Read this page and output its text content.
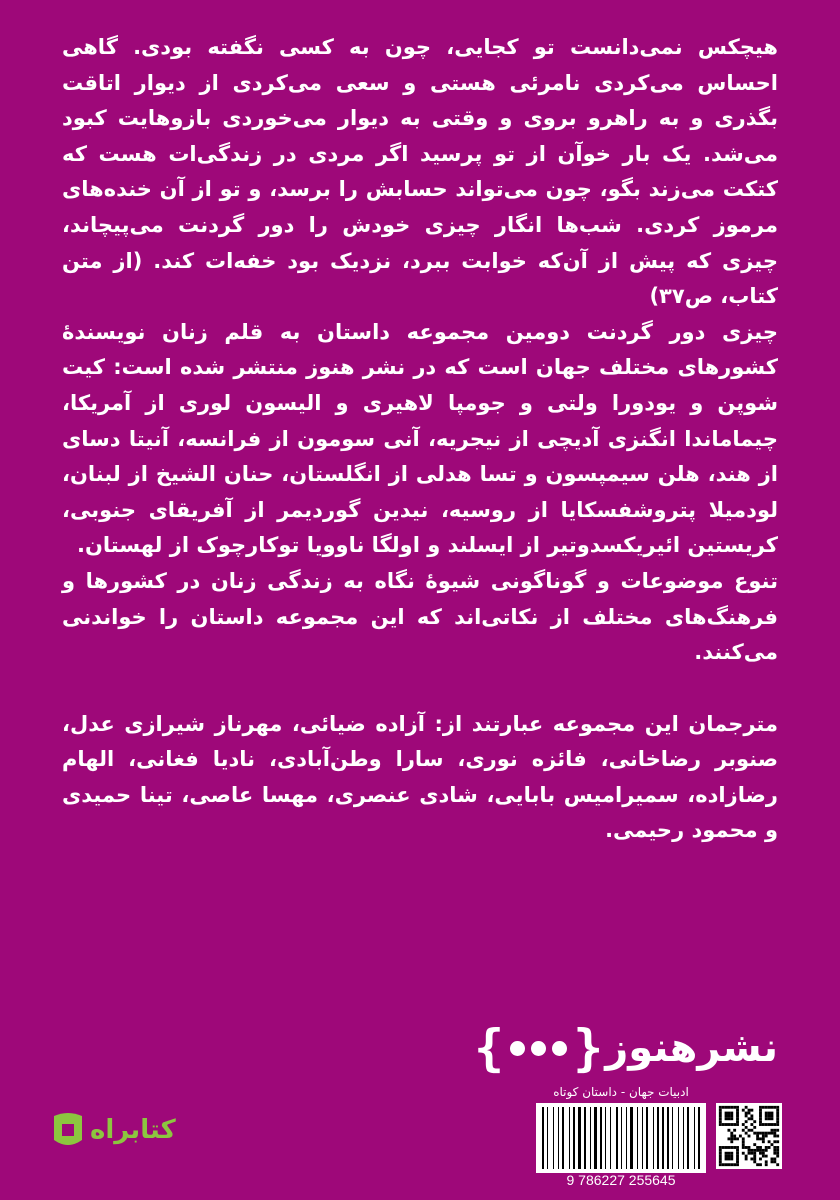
هیچکس نمی‌دانست تو کجایی، چون به کسی نگفته بودی. گاهی احساس می‌کردی نامرئی هستی و سعی می‌کردی از دیوار اتاقت بگذری و به راهرو بروی و وقتی به دیوار می‌خوردی بازوهایت کبود می‌شد. یک بار خوآن از تو پرسید اگر مردی در زندگی‌ات هست که کتکت می‌زند بگو، چون می‌تواند حسابش را برسد، و تو از آن خنده‌های مرموز کردی. شب‌ها انگار چیزی خودش را دور گردنت می‌پیچاند، چیزی که پیش از آن‌که خوابت ببرد، نزدیک بود خفه‌ات کند. (از متن کتاب، ص۳۷)

چیزی دور گردنت دومین مجموعه داستان به قلم زنان نویسندهٔ کشورهای مختلف جهان است که در نشر هنوز منتشر شده است: کیت شوپن و یودورا ولتی و جومپا لاهیری و الیسون لوری از آمریکا، چیماماندا انگنزی آدیچی از نیجریه، آنی سومون از فرانسه، آنیتا دسای از هند، هلن سیمپسون و تسا هدلی از انگلستان، حنان الشیخ از لبنان، لودمیلا پتروشفسکایا از روسیه، نیدین گوردیمر از آفریقای جنوبی، کریستین ائیریکسدوتیر از ایسلند و اولگا ناوویا توکارچوک از لهستان.

تنوع موضوعات و گوناگونی شیوهٔ نگاه به زندگی زنان در کشورها و فرهنگ‌های مختلف از نکاتی‌اند که این مجموعه داستان را خواندنی می‌کنند.

مترجمان این مجموعه عبارتند از: آزاده ضیائی، مهرناز شیرازی عدل، صنوبر رضاخانی، فائزه نوری، سارا وطن‌آبادی، نادیا فغانی، الهام رضازاده، سمیرامیس بابایی، شادی عنصری، مهسا عاصی، تینا حمیدی و محمود رحیمی.

نشرهنوز
{
}
ادبیات جهان - داستان کوتاه
9 786227 255645
کتابراه
